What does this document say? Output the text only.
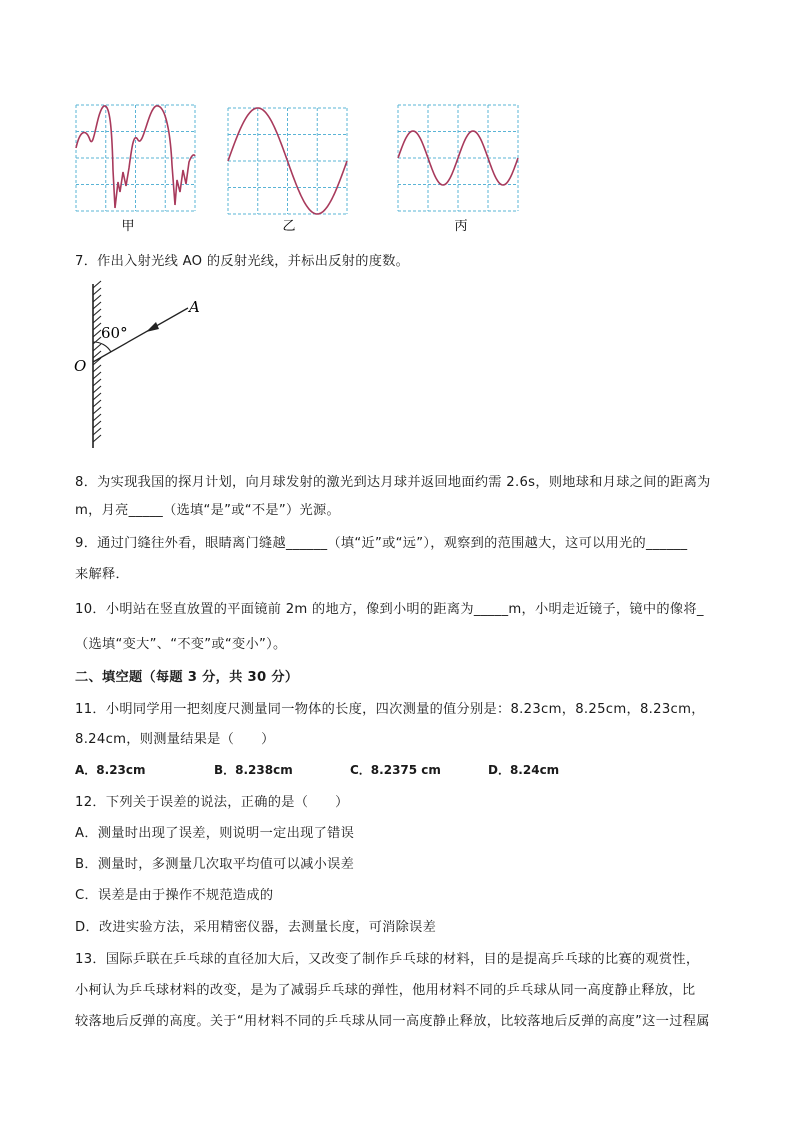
甲	乙	丙
7．作出入射光线 AO 的反射光线，并标出反射的度数。
60°
A
O
8．为实现我国的探月计划，向月球发射的激光到达月球并返回地面约需 2.6s，则地球和月球之间的距离为
m，月亮_____（选填“是”或“不是”）光源。
9．通过门缝往外看，眼睛离门缝越______（填“近”或“远”），观察到的范围越大，这可以用光的______
来解释．
10．小明站在竖直放置的平面镜前 2m 的地方，像到小明的距离为_____m，小明走近镜子，镜中的像将_
（选填“变大”、“不变”或“变小”）。
二、填空题（每题 3 分，共 30 分）
11．小明同学用一把刻度尺测量同一物体的长度，四次测量的值分别是：8.23cm，8.25cm，8.23cm，
8.24cm，则测量结果是（　　）
A．8.23cm	B．8.238cm	C．8.2375 cm	D．8.24cm
12．下列关于误差的说法，正确的是（　　）
A．测量时出现了误差，则说明一定出现了错误
B．测量时，多测量几次取平均值可以减小误差
C．误差是由于操作不规范造成的
D．改进实验方法，采用精密仪器，去测量长度，可消除误差
13．国际乒联在乒乓球的直径加大后，又改变了制作乒乓球的材料，目的是提高乒乓球的比赛的观赏性，
小柯认为乒乓球材料的改变，是为了减弱乒乓球的弹性，他用材料不同的乒乓球从同一高度静止释放，比
较落地后反弹的高度。关于“用材料不同的乒乓球从同一高度静止释放，比较落地后反弹的高度”这一过程属
